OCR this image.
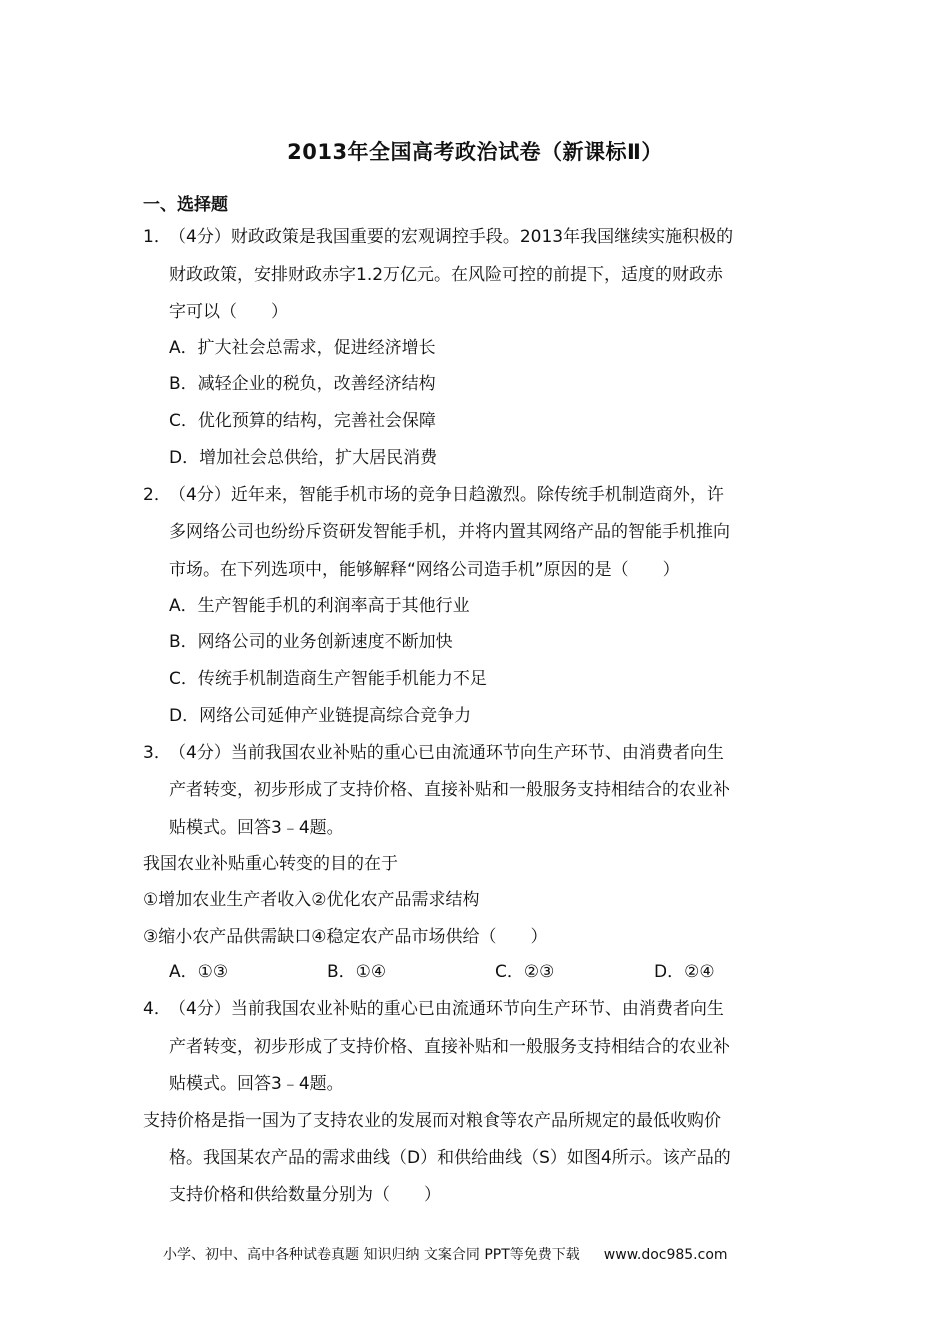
2013年全国高考政治试卷（新课标Ⅱ）
一、选择题
1．
（4分）财政政策是我国重要的宏观调控手段。2013年我国继续实施积极的
财政政策，安排财政赤字1.2万亿元。在风险可控的前提下，适度的财政赤
字可以（　　）
A．扩大社会总需求，促进经济增长
B．减轻企业的税负，改善经济结构
C．优化预算的结构，完善社会保障
D．增加社会总供给，扩大居民消费
2．
（4分）近年来，智能手机市场的竞争日趋激烈。除传统手机制造商外，许
多网络公司也纷纷斥资研发智能手机，并将内置其网络产品的智能手机推向
市场。在下列选项中，能够解释“网络公司造手机”原因的是（　　）
A．生产智能手机的利润率高于其他行业
B．网络公司的业务创新速度不断加快
C．传统手机制造商生产智能手机能力不足
D．网络公司延伸产业链提高综合竞争力
3．
（4分）当前我国农业补贴的重心已由流通环节向生产环节、由消费者向生
产者转变，初步形成了支持价格、直接补贴和一般服务支持相结合的农业补
贴模式。回答3﹣4题。
我国农业补贴重心转变的目的在于
①增加农业生产者收入②优化农产品需求结构
③缩小农产品供需缺口④稳定农产品市场供给（　　）
A．①③	B．①④	C．②③	D．②④
4．
（4分）当前我国农业补贴的重心已由流通环节向生产环节、由消费者向生
产者转变，初步形成了支持价格、直接补贴和一般服务支持相结合的农业补
贴模式。回答3﹣4题。
支持价格是指一国为了支持农业的发展而对粮食等农产品所规定的最低收购价
格。我国某农产品的需求曲线（D）和供给曲线（S）如图4所示。该产品的
支持价格和供给数量分别为（　　）
小学、初中、高中各种试卷真题 知识归纳 文案合同 PPT等免费下载 www.doc985.com
